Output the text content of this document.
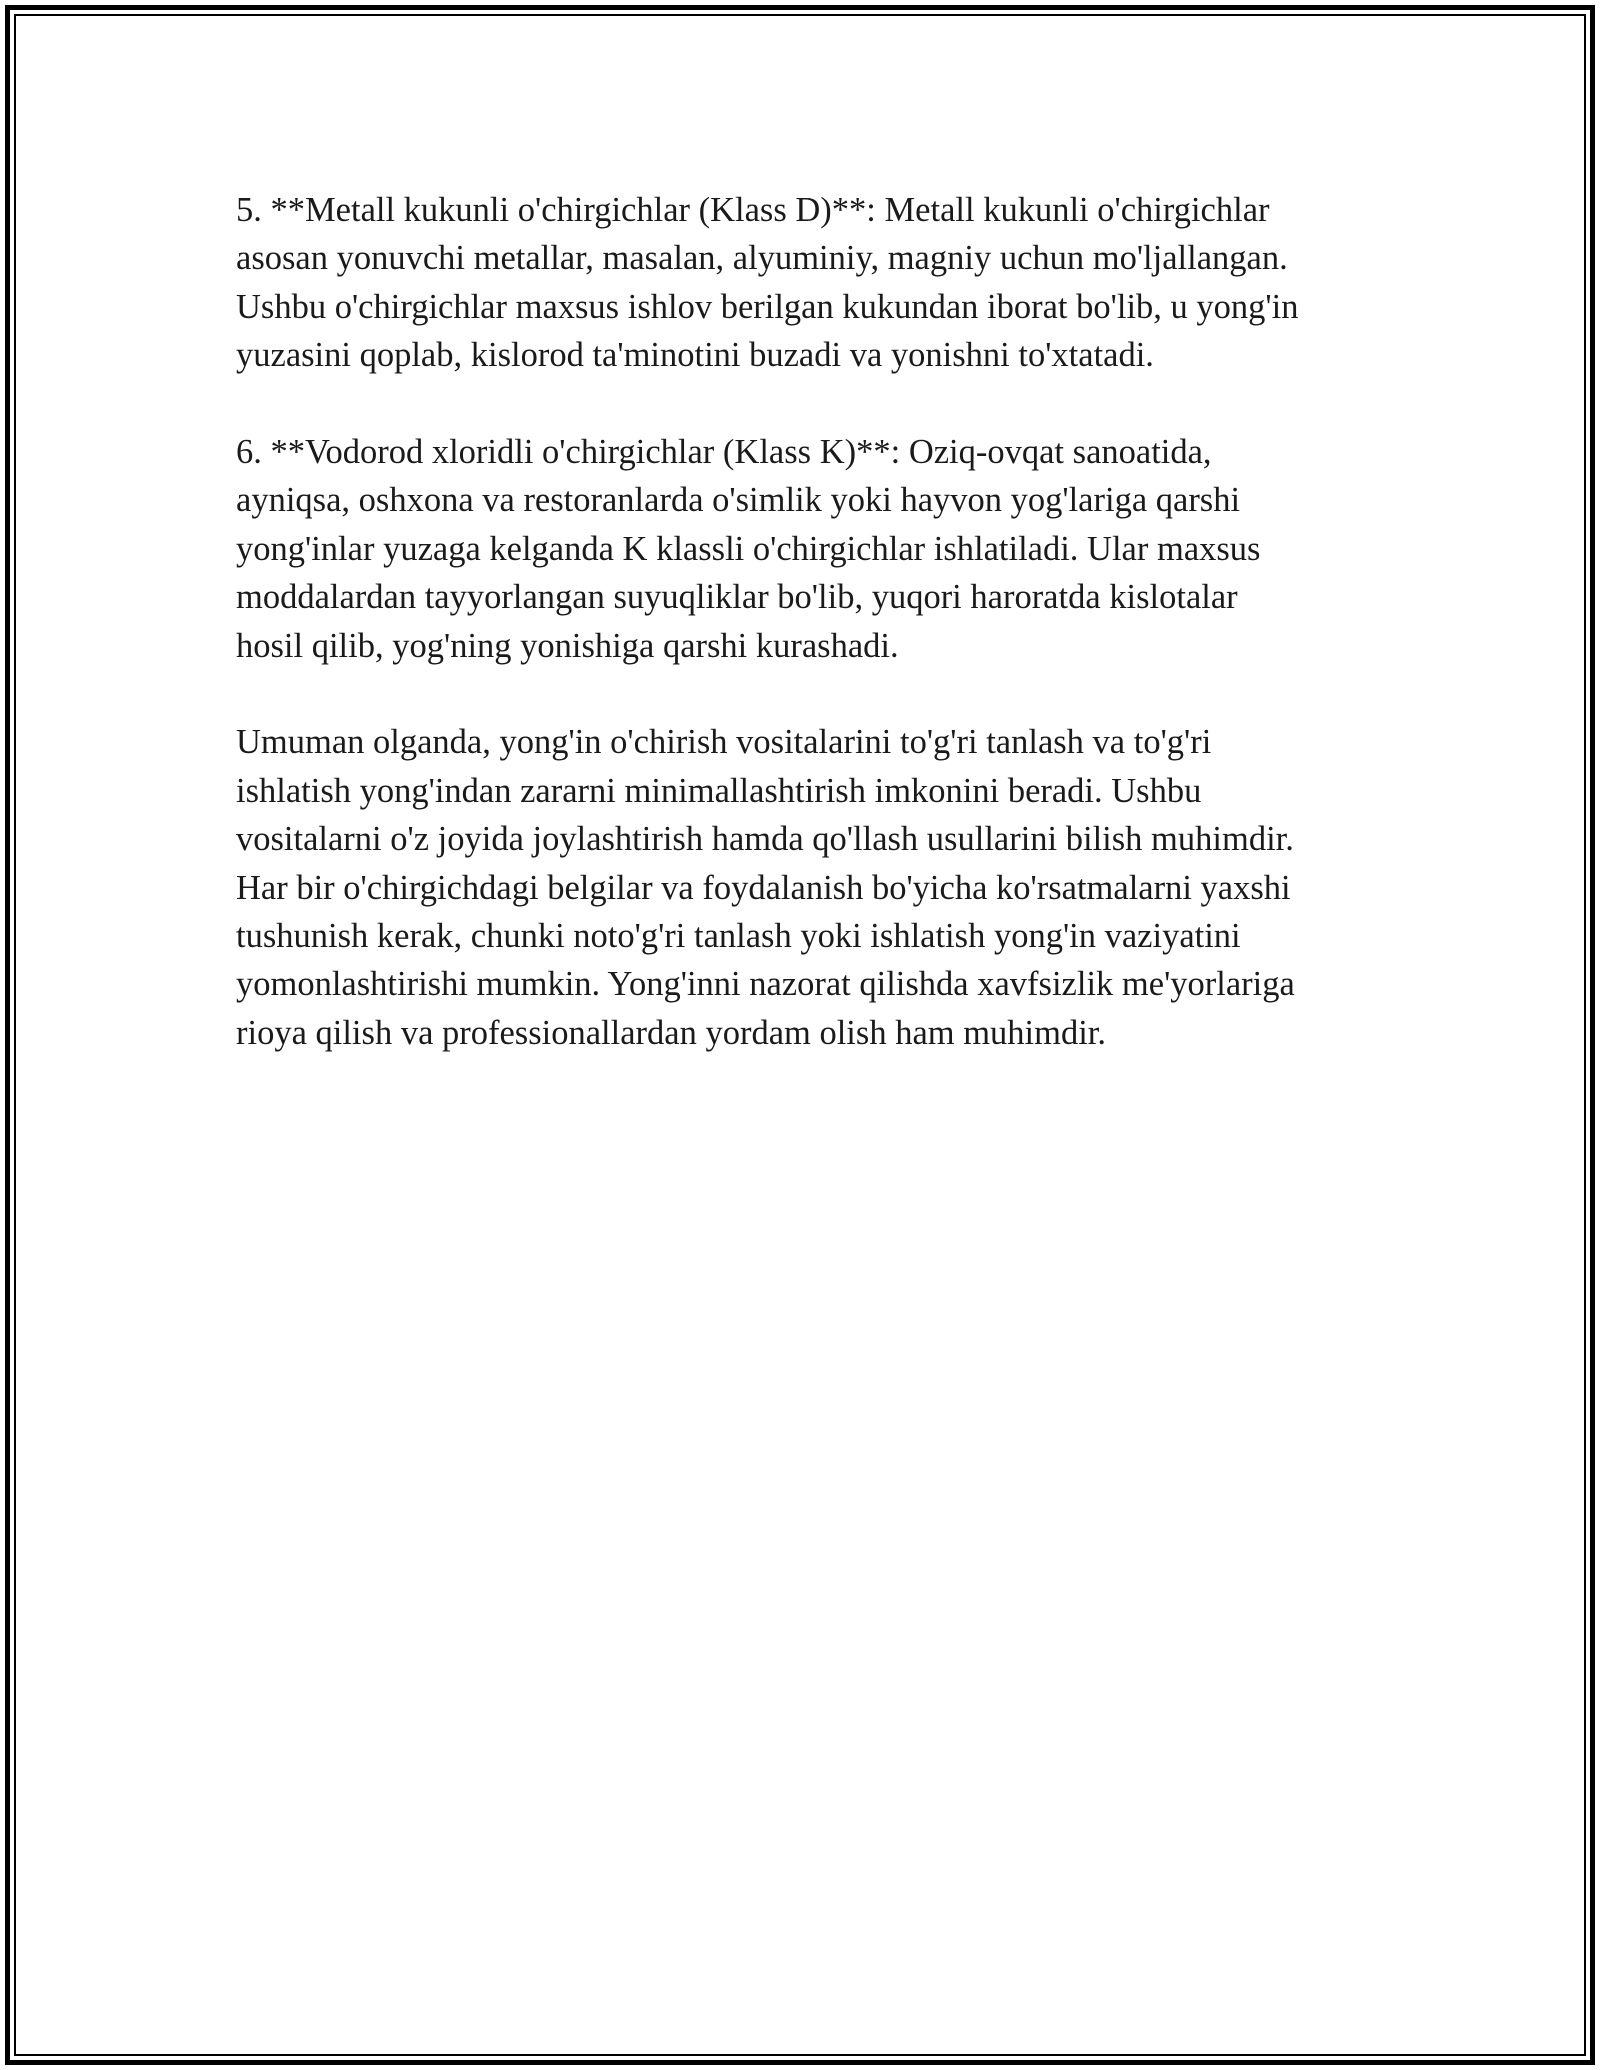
5. **Metall kukunli o'chirgichlar (Klass D)**: Metall kukunli o'chirgichlar
asosan yonuvchi metallar, masalan, alyuminiy, magniy uchun mo'ljallangan.
Ushbu o'chirgichlar maxsus ishlov berilgan kukundan iborat bo'lib, u yong'in
yuzasini qoplab, kislorod ta'minotini buzadi va yonishni to'xtatadi.

6. **Vodorod xloridli o'chirgichlar (Klass K)**: Oziq-ovqat sanoatida,
ayniqsa, oshxona va restoranlarda o'simlik yoki hayvon yog'lariga qarshi
yong'inlar yuzaga kelganda K klassli o'chirgichlar ishlatiladi. Ular maxsus
moddalardan tayyorlangan suyuqliklar bo'lib, yuqori haroratda kislotalar
hosil qilib, yog'ning yonishiga qarshi kurashadi.

Umuman olganda, yong'in o'chirish vositalarini to'g'ri tanlash va to'g'ri
ishlatish yong'indan zararni minimallashtirish imkonini beradi. Ushbu
vositalarni o'z joyida joylashtirish hamda qo'llash usullarini bilish muhimdir.
Har bir o'chirgichdagi belgilar va foydalanish bo'yicha ko'rsatmalarni yaxshi
tushunish kerak, chunki noto'g'ri tanlash yoki ishlatish yong'in vaziyatini
yomonlashtirishi mumkin. Yong'inni nazorat qilishda xavfsizlik me'yorlariga
rioya qilish va professionallardan yordam olish ham muhimdir.
